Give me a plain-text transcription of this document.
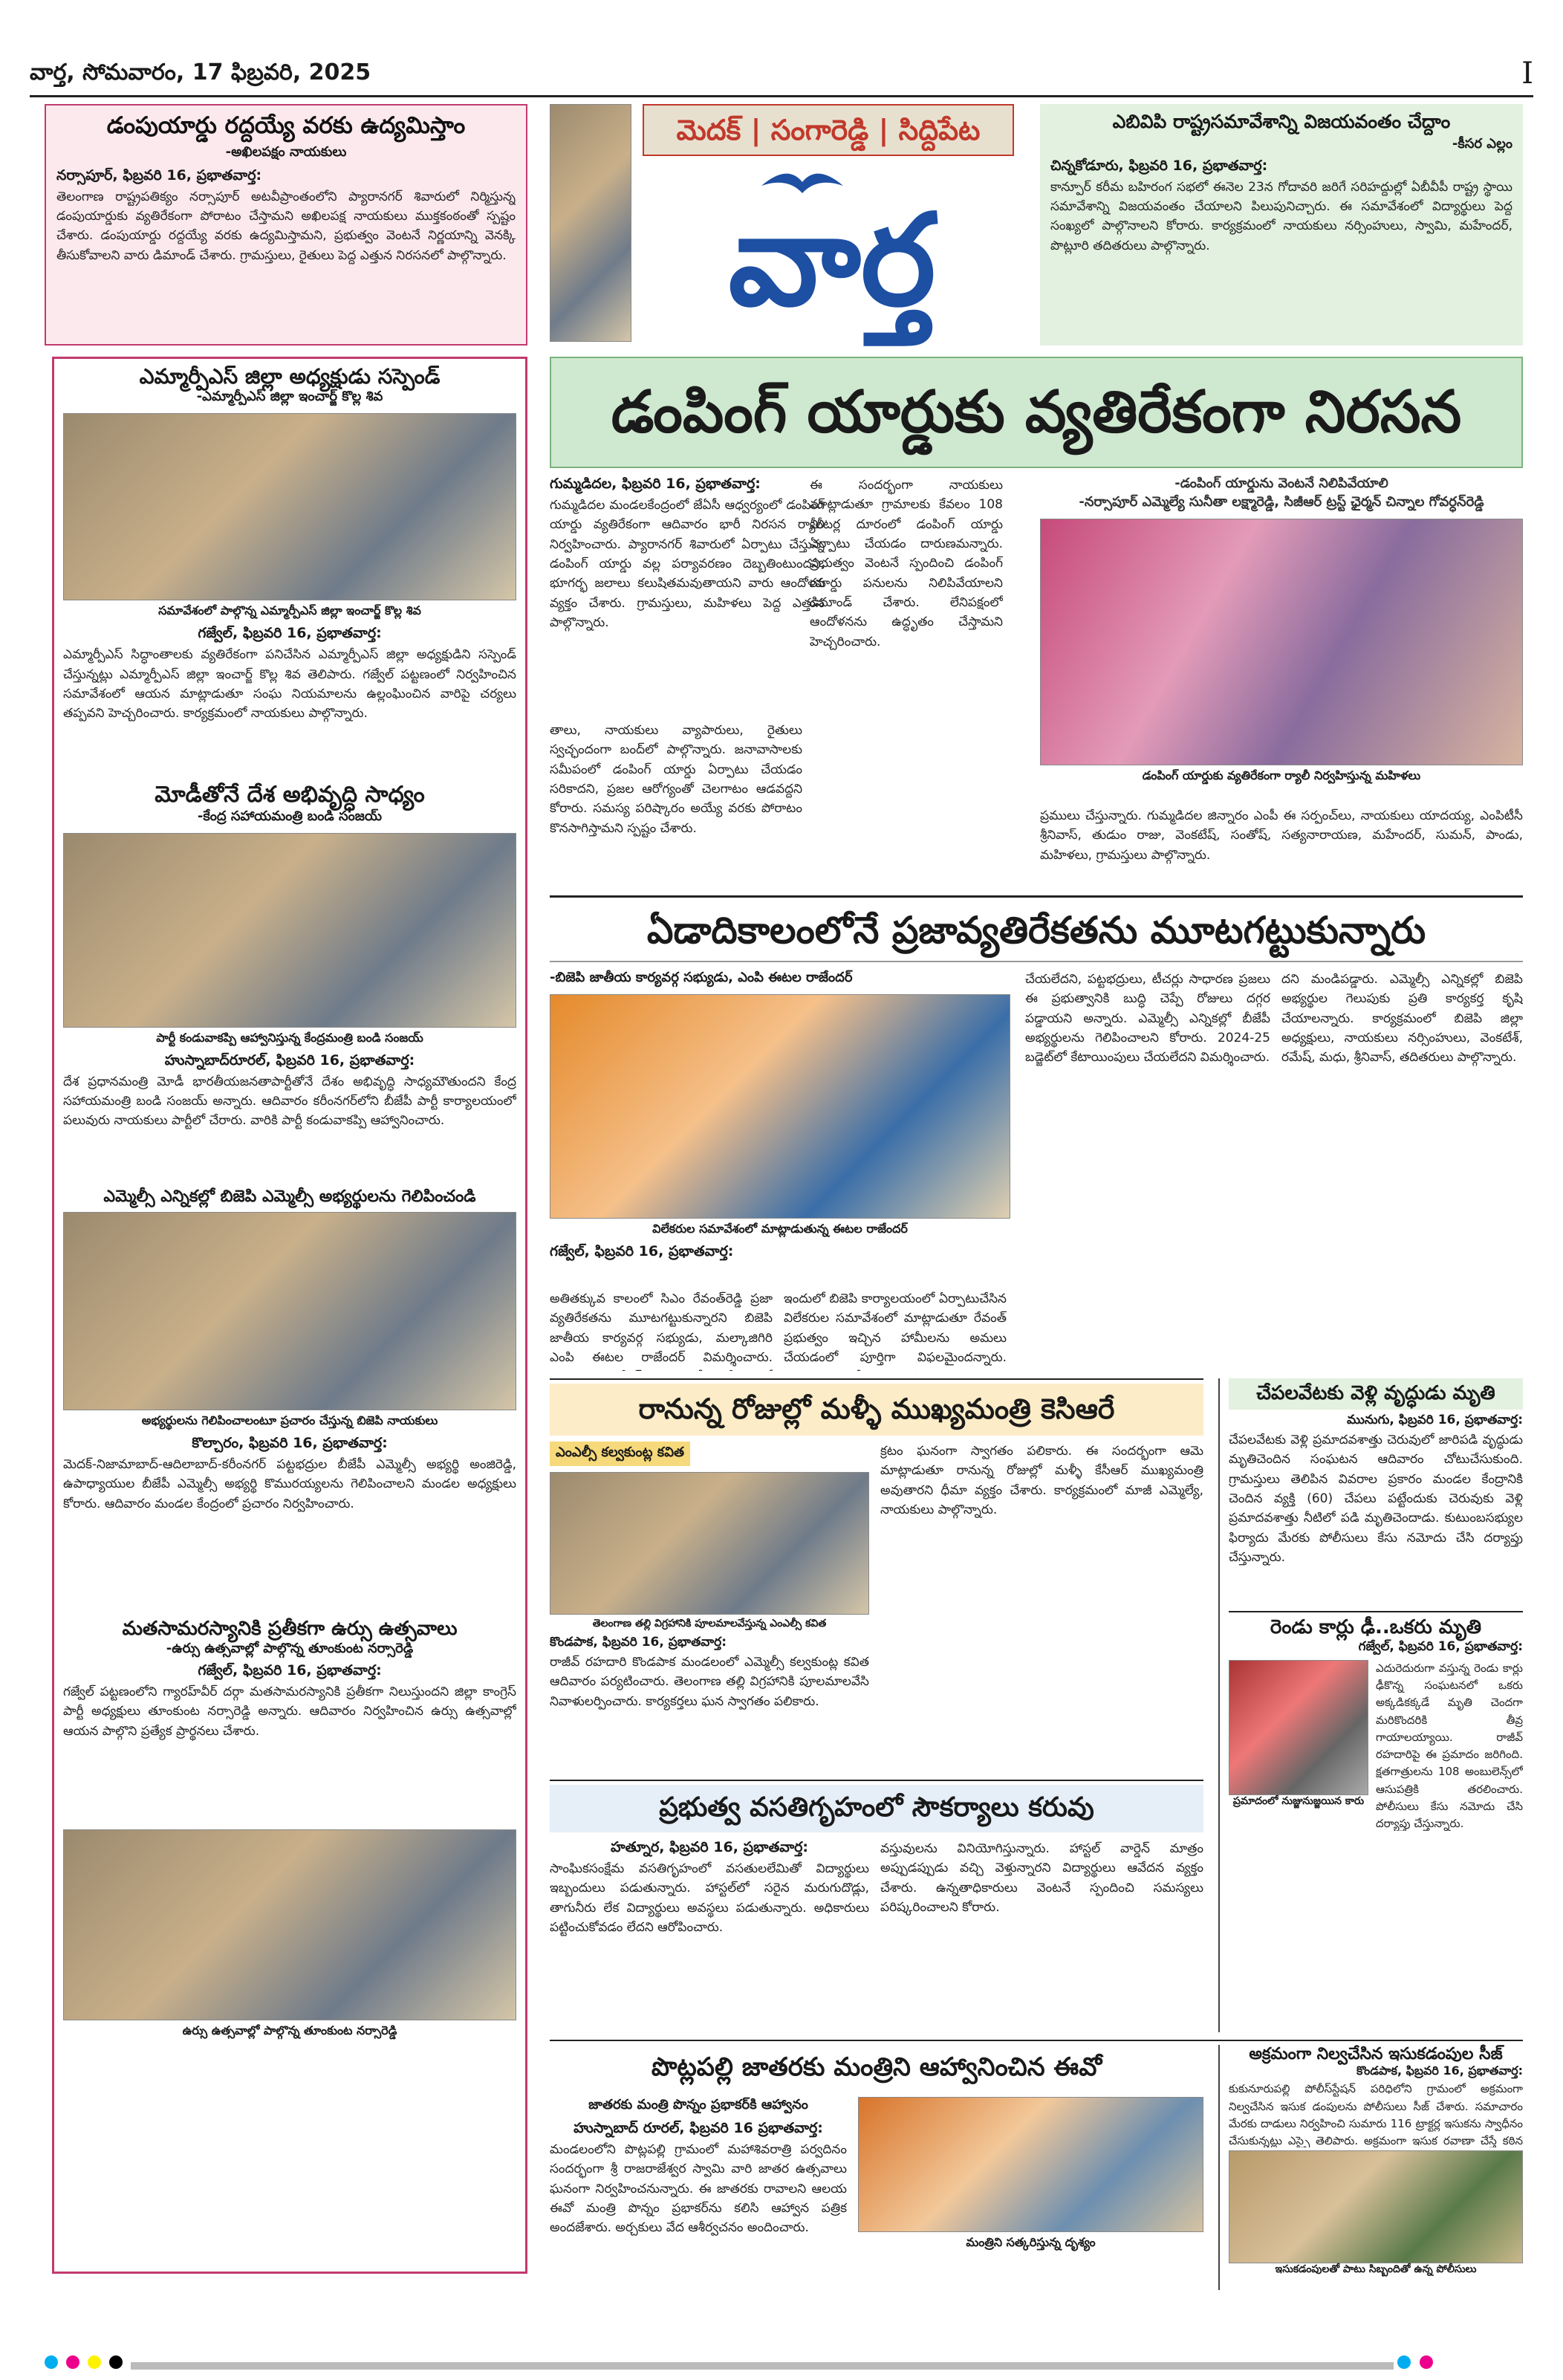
వార్త, సోమవారం, 17 ఫిబ్రవరి, 2025	I
డంపుయార్డు రద్దయ్యే వరకు ఉద్యమిస్తాం
-అఖిలపక్షం నాయకులు
నర్సాపూర్, ఫిబ్రవరి 16, ప్రభాతవార్త:
తెలంగాణ రాష్ట్రపతిక్యం నర్సాపూర్ అటవీప్రాంతంలోని ప్యారానగర్ శివారులో నిర్మిస్తున్న డంపుయార్డుకు వ్యతిరేకంగా పోరాటం చేస్తామని అఖిలపక్ష నాయకులు ముక్తకంఠంతో స్పష్టం చేశారు. డంపుయార్డు రద్దయ్యే వరకు ఉద్యమిస్తామని, ప్రభుత్వం వెంటనే నిర్ణయాన్ని వెనక్కి తీసుకోవాలని వారు డిమాండ్ చేశారు. గ్రామస్తులు, రైతులు పెద్ద ఎత్తున నిరసనలో పాల్గొన్నారు.
మెదక్ | సంగారెడ్డి | సిద్దిపేట
వార్త
ఎబివిపి రాష్ట్రసమావేశాన్ని విజయవంతం చేద్దాం
-కీసర ఎల్లం
చిన్నకోడూరు, ఫిబ్రవరి 16, ప్రభాతవార్త:
కాన్పూర్ కరీమ బహిరంగ సభలో ఈనెల 23న గోదావరి జరిగే సరిహద్దుల్లో ఏబీవీపీ రాష్ట్ర స్థాయి సమావేశాన్ని విజయవంతం చేయాలని పిలుపునిచ్చారు. ఈ సమావేశంలో విద్యార్థులు పెద్ద సంఖ్యలో పాల్గొనాలని కోరారు. కార్యక్రమంలో నాయకులు నర్సింహులు, స్వామి, మహేందర్, పొట్లూరి తదితరులు పాల్గొన్నారు.
ఎమ్మార్పీఎస్ జిల్లా అధ్యక్షుడు సస్పెండ్
-ఎమ్మార్పీఎస్ జిల్లా ఇంచార్జ్ కొల్ల శివ
సమావేశంలో పాల్గొన్న ఎమ్మార్పీఎస్ జిల్లా ఇంచార్జ్ కొల్ల శివ
గజ్వేల్, ఫిబ్రవరి 16, ప్రభాతవార్త:
ఎమ్మార్పీఎస్ సిద్ధాంతాలకు వ్యతిరేకంగా పనిచేసిన ఎమ్మార్పీఎస్ జిల్లా అధ్యక్షుడిని సస్పెండ్ చేస్తున్నట్లు ఎమ్మార్పీఎస్ జిల్లా ఇంచార్జ్ కొల్ల శివ తెలిపారు. గజ్వేల్ పట్టణంలో నిర్వహించిన సమావేశంలో ఆయన మాట్లాడుతూ సంఘ నియమాలను ఉల్లంఘించిన వారిపై చర్యలు తప్పవని హెచ్చరించారు. కార్యక్రమంలో నాయకులు పాల్గొన్నారు.
మోడీతోనే దేశ అభివృద్ధి సాధ్యం
-కేంద్ర సహాయమంత్రి బండి సంజయ్
పార్టీ కండువాకప్పి ఆహ్వానిస్తున్న కేంద్రమంత్రి బండి సంజయ్
హుస్నాబాద్‌రూరల్, ఫిబ్రవరి 16, ప్రభాతవార్త:
దేశ ప్రధానమంత్రి మోడీ భారతీయజనతాపార్టీతోనే దేశం అభివృద్ధి సాధ్యమౌతుందని కేంద్ర సహాయమంత్రి బండి సంజయ్ అన్నారు. ఆదివారం కరీంనగర్‌లోని బీజేపీ పార్టీ కార్యాలయంలో పలువురు నాయకులు పార్టీలో చేరారు. వారికి పార్టీ కండువాకప్పి ఆహ్వానించారు.
ఎమ్మెల్సీ ఎన్నికల్లో బిజెపి ఎమ్మెల్సీ అభ్యర్థులను గెలిపించండి
అభ్యర్థులను గెలిపించాలంటూ ప్రచారం చేస్తున్న బిజెపి నాయకులు
కొల్చారం, ఫిబ్రవరి 16, ప్రభాతవార్త:
మెదక్-నిజామాబాద్-ఆదిలాబాద్-కరీంనగర్ పట్టభద్రుల బీజేపీ ఎమ్మెల్సీ అభ్యర్థి అంజిరెడ్డి, ఉపాధ్యాయుల బీజేపీ ఎమ్మెల్సీ అభ్యర్థి కొమురయ్యలను గెలిపించాలని మండల అధ్యక్షులు కోరారు. ఆదివారం మండల కేంద్రంలో ప్రచారం నిర్వహించారు.
మతసామరస్యానికి ప్రతీకగా ఉర్సు ఉత్సవాలు
-ఉర్సు ఉత్సవాల్లో పాల్గొన్న తూంకుంట నర్సారెడ్డి
గజ్వేల్, ఫిబ్రవరి 16, ప్రభాతవార్త:
గజ్వేల్ పట్టణంలోని గ్యారహ్‌వీర్ దర్గా మతసామరస్యానికి ప్రతీకగా నిలుస్తుందని జిల్లా కాంగ్రెస్ పార్టీ అధ్యక్షులు తూంకుంట నర్సారెడ్డి అన్నారు. ఆదివారం నిర్వహించిన ఉర్సు ఉత్సవాల్లో ఆయన పాల్గొని ప్రత్యేక ప్రార్థనలు చేశారు.
ఉర్సు ఉత్సవాల్లో పాల్గొన్న తూంకుంట నర్సారెడ్డి
డంపింగ్ యార్డుకు వ్యతిరేకంగా నిరసన
గుమ్మడిదల, ఫిబ్రవరి 16, ప్రభాతవార్త:
గుమ్మడిదల మండలకేంద్రంలో జేఏసీ ఆధ్వర్యంలో డంపింగ్ యార్డు వ్యతిరేకంగా ఆదివారం భారీ నిరసన ర్యాలీ నిర్వహించారు. ప్యారానగర్ శివారులో ఏర్పాటు చేస్తున్న డంపింగ్ యార్డు వల్ల పర్యావరణం దెబ్బతింటుందని, భూగర్భ జలాలు కలుషితమవుతాయని వారు ఆందోళన వ్యక్తం చేశారు. గ్రామస్తులు, మహిళలు పెద్ద ఎత్తున పాల్గొన్నారు.
ఈ సందర్భంగా నాయకులు మాట్లాడుతూ గ్రామాలకు కేవలం 108 మీటర్ల దూరంలో డంపింగ్ యార్డు ఏర్పాటు చేయడం దారుణమన్నారు. ప్రభుత్వం వెంటనే స్పందించి డంపింగ్ యార్డు పనులను నిలిపివేయాలని డిమాండ్ చేశారు. లేనిపక్షంలో ఆందోళనను ఉద్ధృతం చేస్తామని హెచ్చరించారు.
-డంపింగ్ యార్డును వెంటనే నిలిపివేయాలి
-నర్సాపూర్ ఎమ్మెల్యే సునీతా లక్ష్మారెడ్డి, సిజీఆర్ ట్రస్ట్ ఛైర్మన్ చిన్నాల గోవర్ధన్‌రెడ్డి
డంపింగ్ యార్డుకు వ్యతిరేకంగా ర్యాలీ నిర్వహిస్తున్న మహిళలు
ప్రములు చేస్తున్నారు. గుమ్మడిదల జిన్నారం ఎంపీ ఈ సర్పంచ్‌లు, నాయకులు యాదయ్య, ఎంపిటీసీ శ్రీనివాస్, తుడుం రాజు, వెంకటేష్, సంతోష్, సత్యనారాయణ, మహేందర్, సుమన్, పాండు, మహిళలు, గ్రామస్తులు పాల్గొన్నారు.
ఏడాదికాలంలోనే ప్రజావ్యతిరేకతను మూటగట్టుకున్నారు
-బిజెపి జాతీయ కార్యవర్గ సభ్యుడు, ఎంపి ఈటల రాజేందర్
విలేకరుల సమావేశంలో మాట్లాడుతున్న ఈటల రాజేందర్
గజ్వేల్, ఫిబ్రవరి 16, ప్రభాతవార్త:
అతితక్కువ కాలంలో సిఎం రేవంత్‌రెడ్డి ప్రజా వ్యతిరేకతను మూటగట్టుకున్నారని బిజెపి జాతీయ కార్యవర్గ సభ్యుడు, మల్కాజిగిరి ఎంపి ఈటల రాజేందర్ విమర్శించారు.
ఇందులో బిజెపి కార్యాలయంలో ఏర్పాటుచేసిన విలేకరుల సమావేశంలో మాట్లాడుతూ రేవంత్ ప్రభుత్వం ఇచ్చిన హామీలను అమలు చేయడంలో పూర్తిగా విఫలమైందన్నారు.
చేయలేదని, పట్టభద్రులు, టీచర్లు సాధారణ ప్రజలు ఈ ప్రభుత్వానికి బుద్ధి చెప్పే రోజులు దగ్గర పడ్డాయని అన్నారు. ఎమ్మెల్సీ ఎన్నికల్లో బీజేపీ అభ్యర్థులను గెలిపించాలని కోరారు. 2024-25 బడ్జెట్‌లో కేటాయింపులు చేయలేదని విమర్శించారు.
దని మండిపడ్డారు. ఎమ్మెల్సీ ఎన్నికల్లో బిజెపి అభ్యర్థుల గెలుపుకు ప్రతి కార్యకర్త కృషి చేయాలన్నారు. కార్యక్రమంలో బిజెపి జిల్లా అధ్యక్షులు, నాయకులు నర్సింహులు, వెంకటేశ్, రమేష్, మధు, శ్రీనివాస్, తదితరులు పాల్గొన్నారు.
రానున్న రోజుల్లో మళ్ళీ ముఖ్యమంత్రి కెసిఆరే
ఎంఎల్సీ కల్వకుంట్ల కవిత
తెలంగాణ తల్లి విగ్రహానికి పూలమాలవేస్తున్న ఎంఎల్సీ కవిత
కొండపాక, ఫిబ్రవరి 16, ప్రభాతవార్త:
రాజీవ్ రహదారి కొండపాక మండలంలో ఎమ్మెల్సీ కల్వకుంట్ల కవిత ఆదివారం పర్యటించారు. తెలంగాణ తల్లి విగ్రహానికి పూలమాలవేసి నివాళులర్పించారు. కార్యకర్తలు ఘన స్వాగతం పలికారు.
క్రటం ఘనంగా స్వాగతం పలికారు. ఈ సందర్భంగా ఆమె మాట్లాడుతూ రానున్న రోజుల్లో మళ్ళీ కేసీఆర్ ముఖ్యమంత్రి అవుతారని ధీమా వ్యక్తం చేశారు. కార్యక్రమంలో మాజీ ఎమ్మెల్యే, నాయకులు పాల్గొన్నారు.
ప్రభుత్వ వసతిగృహంలో సౌకర్యాలు కరువు
హత్నూర, ఫిబ్రవరి 16, ప్రభాతవార్త:
సాంఘికసంక్షేమ వసతిగృహంలో వసతులలేమితో విద్యార్థులు ఇబ్బందులు పడుతున్నారు. హాస్టల్‌లో సరైన మరుగుదొడ్లు, తాగునీరు లేక విద్యార్థులు అవస్థలు పడుతున్నారు. అధికారులు పట్టించుకోవడం లేదని ఆరోపించారు.
వస్తువులను వినియోగిస్తున్నారు. హాస్టల్ వార్డెన్ మాత్రం అప్పుడప్పుడు వచ్చి వెళ్తున్నారని విద్యార్థులు ఆవేదన వ్యక్తం చేశారు. ఉన్నతాధికారులు వెంటనే స్పందించి సమస్యలు పరిష్కరించాలని కోరారు.
పొట్లపల్లి జాతరకు మంత్రిని ఆహ్వానించిన ఈవో
జాతరకు మంత్రి పొన్నం ప్రభాకర్‌కి ఆహ్వానం
హుస్నాబాద్ రూరల్, ఫిబ్రవరి 16 ప్రభాతవార్త:
మండలంలోని పొట్లపల్లి గ్రామంలో మహాశివరాత్రి పర్వదినం సందర్భంగా శ్రీ రాజరాజేశ్వర స్వామి వారి జాతర ఉత్సవాలు ఘనంగా నిర్వహించనున్నారు. ఈ జాతరకు రావాలని ఆలయ ఈవో మంత్రి పొన్నం ప్రభాకర్‌ను కలిసి ఆహ్వాన పత్రిక అందజేశారు. అర్చకులు వేద ఆశీర్వచనం అందించారు.
మంత్రిని సత్కరిస్తున్న దృశ్యం
చేపలవేటకు వెళ్లి వృద్ధుడు మృతి
మునుగు, ఫిబ్రవరి 16, ప్రభాతవార్త:
చేపలవేటకు వెళ్లి ప్రమాదవశాత్తు చెరువులో జారిపడి వృద్ధుడు మృతిచెందిన సంఘటన ఆదివారం చోటుచేసుకుంది. గ్రామస్తులు తెలిపిన వివరాల ప్రకారం మండల కేంద్రానికి చెందిన వ్యక్తి (60) చేపలు పట్టేందుకు చెరువుకు వెళ్లి ప్రమాదవశాత్తు నీటిలో పడి మృతిచెందాడు. కుటుంబసభ్యుల ఫిర్యాదు మేరకు పోలీసులు కేసు నమోదు చేసి దర్యాప్తు చేస్తున్నారు.
రెండు కార్లు ఢీ..ఒకరు మృతి
గజ్వేల్, ఫిబ్రవరి 16, ప్రభాతవార్త:
ప్రమాదంలో నుజ్జునుజ్జయిన కారు
ఎదురెదురుగా వస్తున్న రెండు కార్లు ఢీకొన్న సంఘటనలో ఒకరు అక్కడికక్కడే మృతి చెందగా మరికొందరికి తీవ్ర గాయాలయ్యాయి. రాజీవ్ రహదారిపై ఈ ప్రమాదం జరిగింది. క్షతగాత్రులను 108 అంబులెన్స్‌లో ఆసుపత్రికి తరలించారు. పోలీసులు కేసు నమోదు చేసి దర్యాప్తు చేస్తున్నారు.
అక్రమంగా నిల్వచేసిన ఇసుకడంపుల సీజ్
కొండపాక, ఫిబ్రవరి 16, ప్రభాతవార్త:
కుకునూరుపల్లి పోలీస్‌స్టేషన్ పరిధిలోని గ్రామంలో అక్రమంగా నిల్వచేసిన ఇసుక డంపులను పోలీసులు సీజ్ చేశారు. సమాచారం మేరకు దాడులు నిర్వహించి సుమారు 116 ట్రాక్టర్ల ఇసుకను స్వాధీనం చేసుకున్నట్లు ఎస్సై తెలిపారు. అక్రమంగా ఇసుక రవాణా చేస్తే కఠిన
ఇసుకడంపులతో పాటు సిబ్బందితో ఉన్న పోలీసులు

తాలు, నాయకులు వ్యాపారులు, రైతులు స్వచ్ఛందంగా బంద్‌లో పాల్గొన్నారు. జనావాసాలకు సమీపంలో డంపింగ్ యార్డు ఏర్పాటు చేయడం సరికాదని, ప్రజల ఆరోగ్యంతో చెలగాటం ఆడవద్దని కోరారు. సమస్య పరిష్కారం అయ్యే వరకు పోరాటం కొనసాగిస్తామని స్పష్టం చేశారు.
